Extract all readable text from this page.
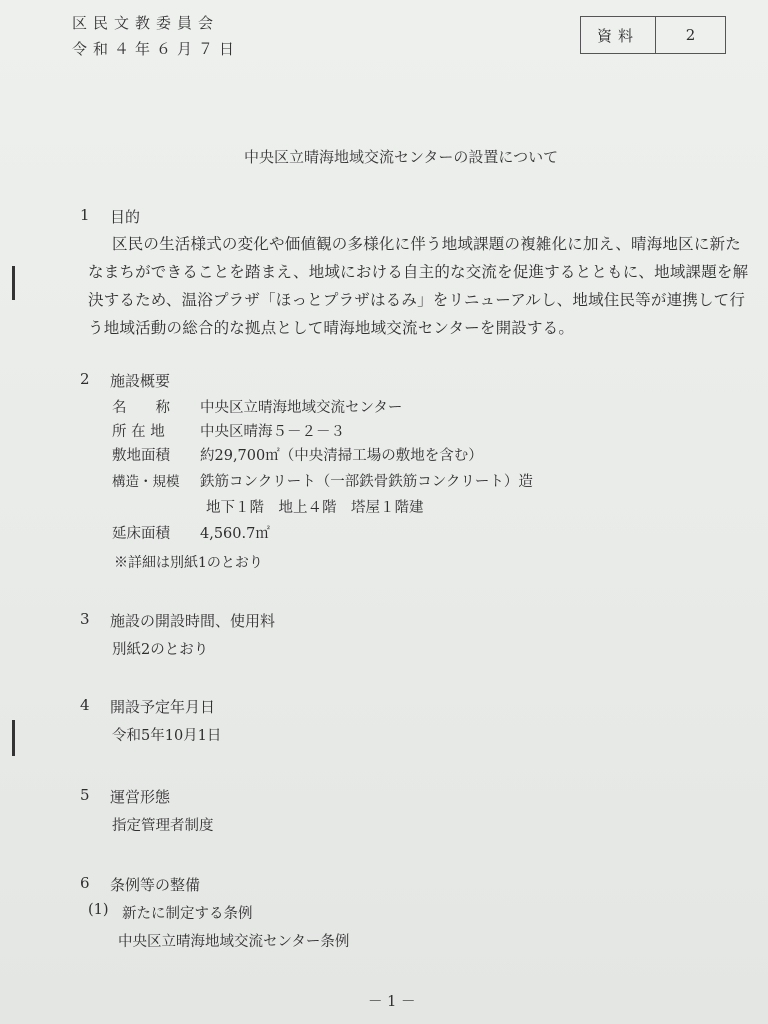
区民文教委員会
令和４年６月７日
資料	2
中央区立晴海地域交流センターの設置について
1 目的
区民の生活様式の変化や価値観の多様化に伴う地域課題の複雑化に加え、晴海地区に新た
なまちができることを踏まえ、地域における自主的な交流を促進するとともに、地域課題を解
決するため、温浴プラザ「ほっとプラザはるみ」をリニューアルし、地域住民等が連携して行
う地域活動の総合的な拠点として晴海地域交流センターを開設する。
2 施設概要
名　　称 中央区立晴海地域交流センター
所 在 地 中央区晴海５－２－３
敷地面積 約29,700㎡（中央清掃工場の敷地を含む）
構造・規模 鉄筋コンクリート（一部鉄骨鉄筋コンクリート）造
地下１階　地上４階　塔屋１階建
延床面積 4,560.7㎡
※詳細は別紙1のとおり
3 施設の開設時間、使用料
別紙2のとおり
4 開設予定年月日
令和5年10月1日
5 運営形態
指定管理者制度
6 条例等の整備
(1) 新たに制定する条例
中央区立晴海地域交流センター条例
－ 1 －
